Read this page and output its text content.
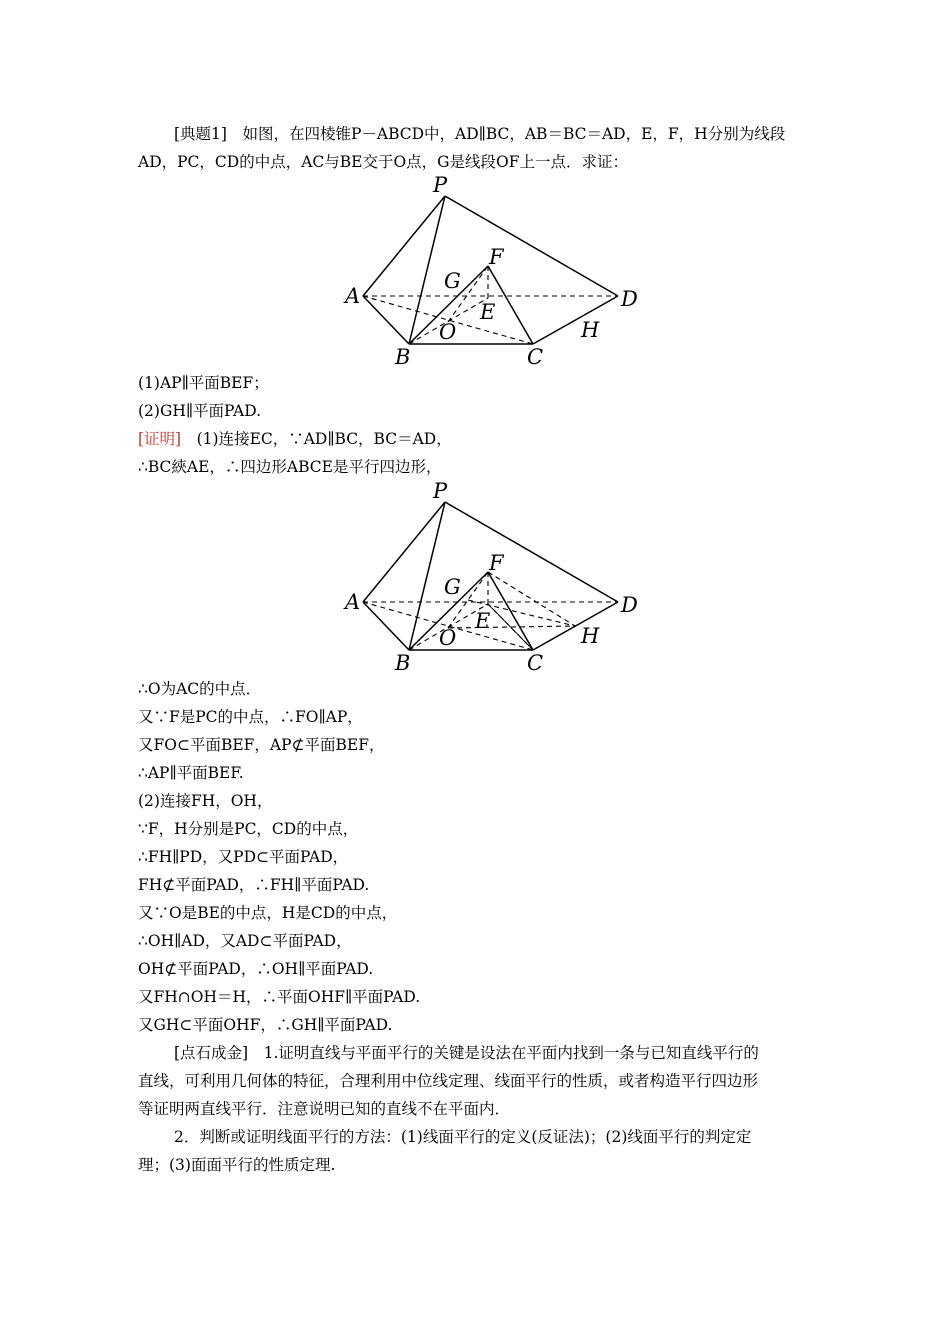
[典题1]　如图，在四棱锥P－ABCD中，AD∥BC，AB＝BC＝AD，E，F，H分别为线段
AD，PC，CD的中点，AC与BE交于O点，G是线段OF上一点．求证：
P
A
B	C
D
E
F
G
H
O
(1)AP∥平面BEF；
(2)GH∥平面PAD.
[证明]　(1)连接EC，∵AD∥BC，BC＝AD，
∴BC綊AE，∴四边形ABCE是平行四边形，
P
A
B	C
D
E
F
G
H
O
∴O为AC的中点．
又∵F是PC的中点，∴FO∥AP，
又FO⊂平面BEF，AP⊄平面BEF，
∴AP∥平面BEF.
(2)连接FH，OH，
∵F，H分别是PC，CD的中点，
∴FH∥PD，又PD⊂平面PAD，
FH⊄平面PAD，∴FH∥平面PAD.
又∵O是BE的中点，H是CD的中点，
∴OH∥AD，又AD⊂平面PAD，
OH⊄平面PAD，∴OH∥平面PAD.
又FH∩OH＝H，∴平面OHF∥平面PAD.
又GH⊂平面OHF，∴GH∥平面PAD.
[点石成金]　1.证明直线与平面平行的关键是设法在平面内找到一条与已知直线平行的
直线，可利用几何体的特征，合理利用中位线定理、线面平行的性质，或者构造平行四边形
等证明两直线平行．注意说明已知的直线不在平面内．
2．判断或证明线面平行的方法：(1)线面平行的定义(反证法)；(2)线面平行的判定定
理；(3)面面平行的性质定理.
